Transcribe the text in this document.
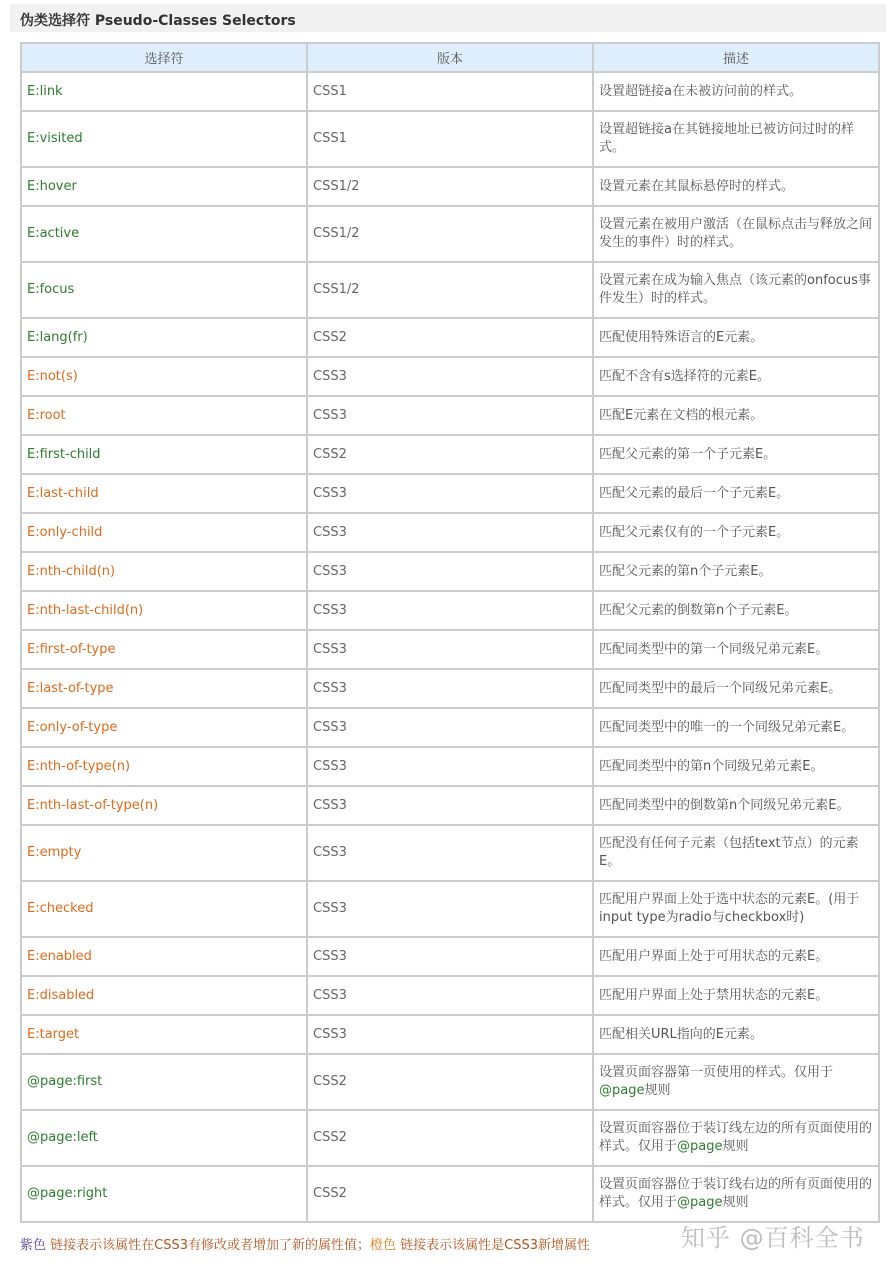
伪类选择符 Pseudo-Classes Selectors
选择符	版本	描述
E:link	CSS1	设置超链接a在未被访问前的样式。
E:visited	CSS1	设置超链接a在其链接地址已被访问过时的样式。
E:hover	CSS1/2	设置元素在其鼠标悬停时的样式。
E:active	CSS1/2	设置元素在被用户激活（在鼠标点击与释放之间发生的事件）时的样式。
E:focus	CSS1/2	设置元素在成为输入焦点（该元素的onfocus事件发生）时的样式。
E:lang(fr)	CSS2	匹配使用特殊语言的E元素。
E:not(s)	CSS3	匹配不含有s选择符的元素E。
E:root	CSS3	匹配E元素在文档的根元素。
E:first-child	CSS2	匹配父元素的第一个子元素E。
E:last-child	CSS3	匹配父元素的最后一个子元素E。
E:only-child	CSS3	匹配父元素仅有的一个子元素E。
E:nth-child(n)	CSS3	匹配父元素的第n个子元素E。
E:nth-last-child(n)	CSS3	匹配父元素的倒数第n个子元素E。
E:first-of-type	CSS3	匹配同类型中的第一个同级兄弟元素E。
E:last-of-type	CSS3	匹配同类型中的最后一个同级兄弟元素E。
E:only-of-type	CSS3	匹配同类型中的唯一的一个同级兄弟元素E。
E:nth-of-type(n)	CSS3	匹配同类型中的第n个同级兄弟元素E。
E:nth-last-of-type(n)	CSS3	匹配同类型中的倒数第n个同级兄弟元素E。
E:empty	CSS3	匹配没有任何子元素（包括text节点）的元素E。
E:checked	CSS3	匹配用户界面上处于选中状态的元素E。(用于input type为radio与checkbox时)
E:enabled	CSS3	匹配用户界面上处于可用状态的元素E。
E:disabled	CSS3	匹配用户界面上处于禁用状态的元素E。
E:target	CSS3	匹配相关URL指向的E元素。
@page:first	CSS2	设置页面容器第一页使用的样式。仅用于@page规则
@page:left	CSS2	设置页面容器位于装订线左边的所有页面使用的样式。仅用于@page规则
@page:right	CSS2	设置页面容器位于装订线右边的所有页面使用的样式。仅用于@page规则
紫色 链接表示该属性在CSS3有修改或者增加了新的属性值；橙色 链接表示该属性是CSS3新增属性	知乎 @百科全书
